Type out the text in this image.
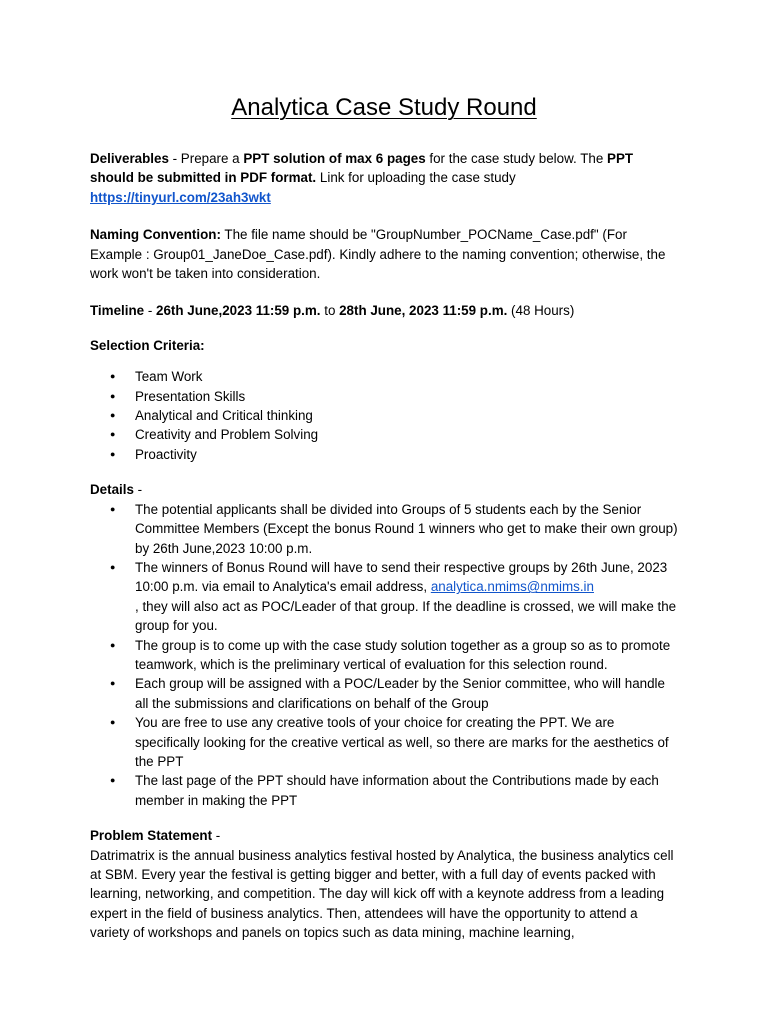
Analytica Case Study Round

Deliverables - Prepare a PPT solution of max 6 pages for the case study below. The PPT should be submitted in PDF format. Link for uploading the case study https://tinyurl.com/23ah3wkt

Naming Convention: The file name should be "GroupNumber_POCName_Case.pdf" (For Example : Group01_JaneDoe_Case.pdf). Kindly adhere to the naming convention; otherwise, the work won't be taken into consideration.

Timeline - 26th June,2023 11:59 p.m. to 28th June, 2023 11:59 p.m. (48 Hours)

Selection Criteria:

● Team Work
● Presentation Skills
● Analytical and Critical thinking
● Creativity and Problem Solving
● Proactivity

Details -

● The potential applicants shall be divided into Groups of 5 students each by the Senior Committee Members (Except the bonus Round 1 winners who get to make their own group) by 26th June,2023 10:00 p.m.
● The winners of Bonus Round will have to send their respective groups by 26th June, 2023 10:00 p.m. via email to Analytica's email address, analytica.nmims@nmims.in
, they will also act as POC/Leader of that group. If the deadline is crossed, we will make the group for you.
● The group is to come up with the case study solution together as a group so as to promote teamwork, which is the preliminary vertical of evaluation for this selection round.
● Each group will be assigned with a POC/Leader by the Senior committee, who will handle all the submissions and clarifications on behalf of the Group
● You are free to use any creative tools of your choice for creating the PPT. We are specifically looking for the creative vertical as well, so there are marks for the aesthetics of the PPT
● The last page of the PPT should have information about the Contributions made by each member in making the PPT

Problem Statement -

Datrimatrix is the annual business analytics festival hosted by Analytica, the business analytics cell at SBM. Every year the festival is getting bigger and better, with a full day of events packed with learning, networking, and competition. The day will kick off with a keynote address from a leading expert in the field of business analytics. Then, attendees will have the opportunity to attend a variety of workshops and panels on topics such as data mining, machine learning,
